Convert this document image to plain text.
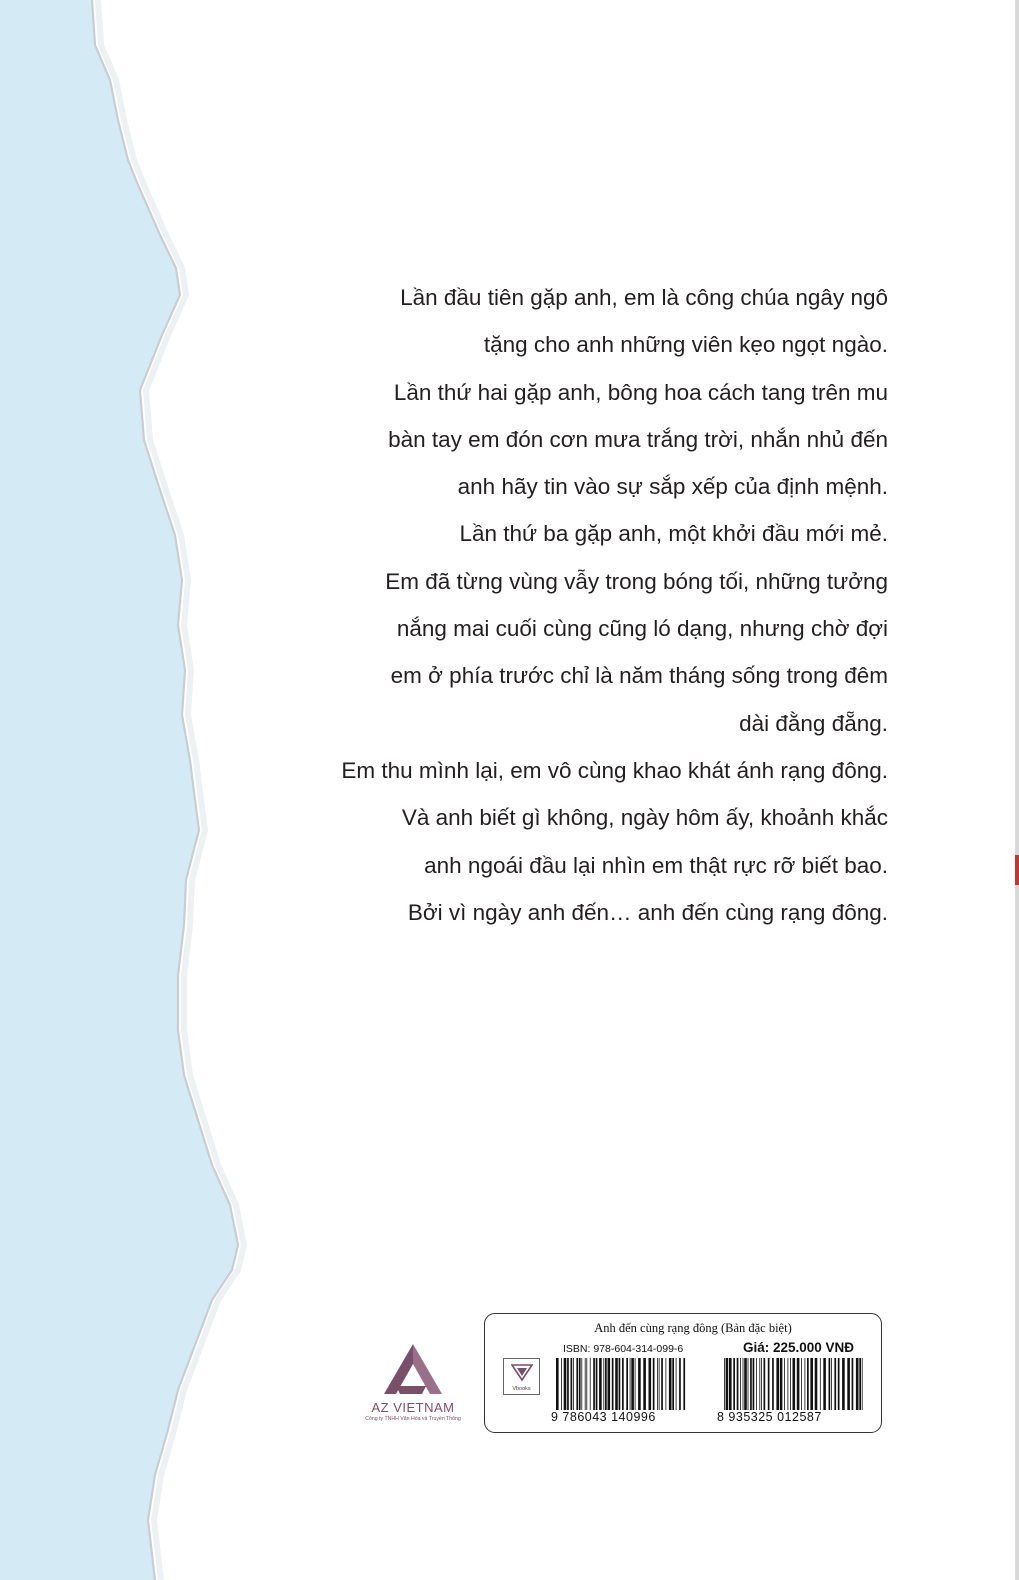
Lần đầu tiên gặp anh, em là công chúa ngây ngô
tặng cho anh những viên kẹo ngọt ngào.
Lần thứ hai gặp anh, bông hoa cách tang trên mu
bàn tay em đón cơn mưa trắng trời, nhắn nhủ đến
anh hãy tin vào sự sắp xếp của định mệnh.
Lần thứ ba gặp anh, một khởi đầu mới mẻ.
Em đã từng vùng vẫy trong bóng tối, những tưởng
nắng mai cuối cùng cũng ló dạng, nhưng chờ đợi
em ở phía trước chỉ là năm tháng sống trong đêm
dài đằng đẵng.
Em thu mình lại, em vô cùng khao khát ánh rạng đông.
Và anh biết gì không, ngày hôm ấy, khoảnh khắc
anh ngoái đầu lại nhìn em thật rực rỡ biết bao.
Bởi vì ngày anh đến… anh đến cùng rạng đông.
AZ VIETNAM
Công ty TNHH Văn Hóa và Truyền Thông
Anh đến cùng rạng đông (Bản đặc biệt)
ISBN: 978-604-314-099-6	Giá: 225.000 VNĐ
Vbooks
9 786043 140996	8 935325 012587
